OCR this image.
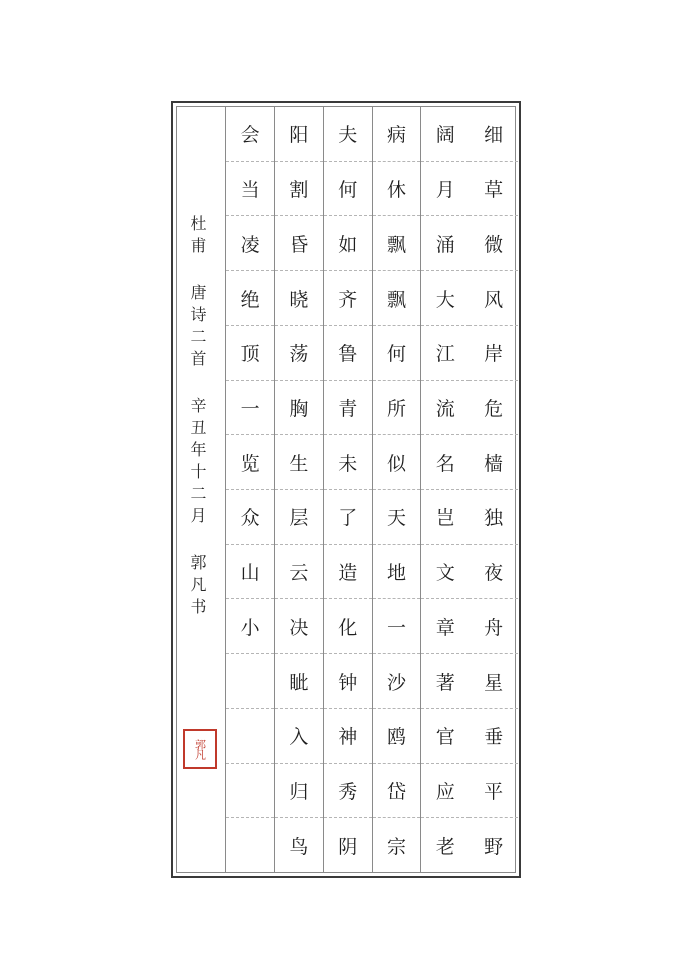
杜甫 唐诗二首 辛丑年十二月 郭凡书
郭凡
细
草
微
风
岸
危
樯
独
夜
舟
星
垂
平
野
阔
月
涌
大
江
流
名
岂
文
章
著
官
应
老
病
休
飘
飘
何
所
似
天
地
一
沙
鸥
岱
宗
夫
何
如
齐
鲁
青
未
了
造
化
钟
神
秀
阴
阳
割
昏
晓
荡
胸
生
层
云
决
眦
入
归
鸟
会
当
凌
绝
顶
一
览
众
山
小
